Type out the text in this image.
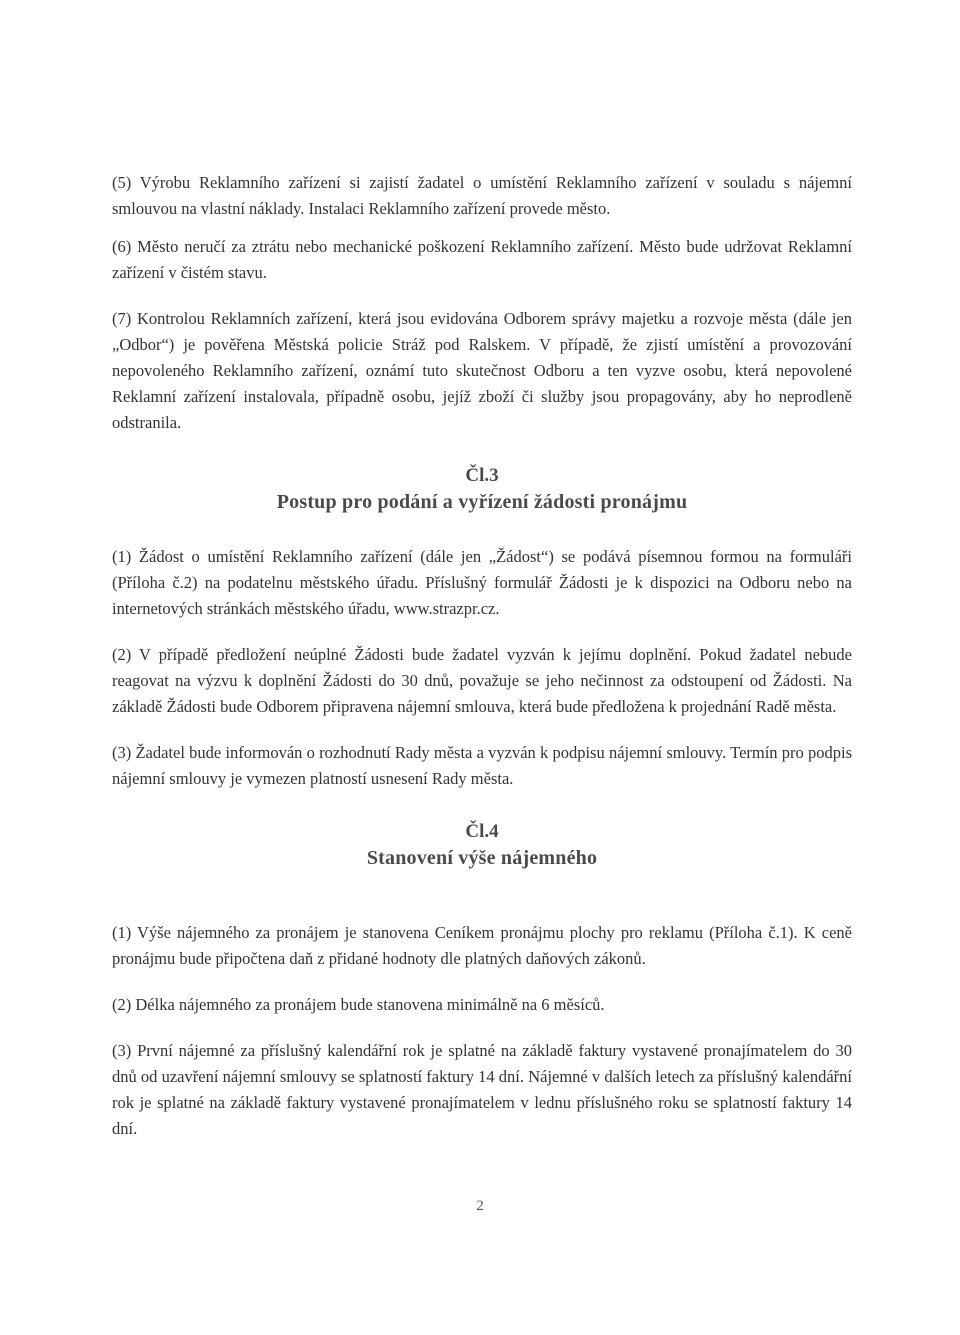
(5) Výrobu Reklamního zařízení si zajistí žadatel o umístění Reklamního zařízení v souladu s nájemní smlouvou na vlastní náklady. Instalaci Reklamního zařízení provede město.

(6) Město neručí za ztrátu nebo mechanické poškození Reklamního zařízení. Město bude udržovat Reklamní zařízení v čistém stavu.

(7) Kontrolou Reklamních zařízení, která jsou evidována Odborem správy majetku a rozvoje města (dále jen „Odbor“) je pověřena Městská policie Stráž pod Ralskem. V případě, že zjistí umístění a provozování nepovoleného Reklamního zařízení, oznámí tuto skutečnost Odboru a ten vyzve osobu, která nepovolené Reklamní zařízení instalovala, případně osobu, jejíž zboží či služby jsou propagovány, aby ho neprodleně odstranila.

Čl.3
Postup pro podání a vyřízení žádosti pronájmu

(1) Žádost o umístění Reklamního zařízení (dále jen „Žádost“) se podává písemnou formou na formuláři (Příloha č.2) na podatelnu městského úřadu. Příslušný formulář Žádosti je k dispozici na Odboru nebo na internetových stránkách městského úřadu, www.strazpr.cz.

(2) V případě předložení neúplné Žádosti bude žadatel vyzván k jejímu doplnění. Pokud žadatel nebude reagovat na výzvu k doplnění Žádosti do 30 dnů, považuje se jeho nečinnost za odstoupení od Žádosti. Na základě Žádosti bude Odborem připravena nájemní smlouva, která bude předložena k projednání Radě města.

(3) Žadatel bude informován o rozhodnutí Rady města a vyzván k podpisu nájemní smlouvy. Termín pro podpis nájemní smlouvy je vymezen platností usnesení Rady města.

Čl.4
Stanovení výše nájemného

(1) Výše nájemného za pronájem je stanovena Ceníkem pronájmu plochy pro reklamu (Příloha č.1). K ceně pronájmu bude připočtena daň z přidané hodnoty dle platných daňových zákonů.

(2) Délka nájemného za pronájem bude stanovena minimálně na 6 měsíců.

(3) První nájemné za příslušný kalendářní rok je splatné na základě faktury vystavené pronajímatelem do 30 dnů od uzavření nájemní smlouvy se splatností faktury 14 dní. Nájemné v dalších letech za příslušný kalendářní rok je splatné na základě faktury vystavené pronajímatelem v lednu příslušného roku se splatností faktury 14 dní.

2
